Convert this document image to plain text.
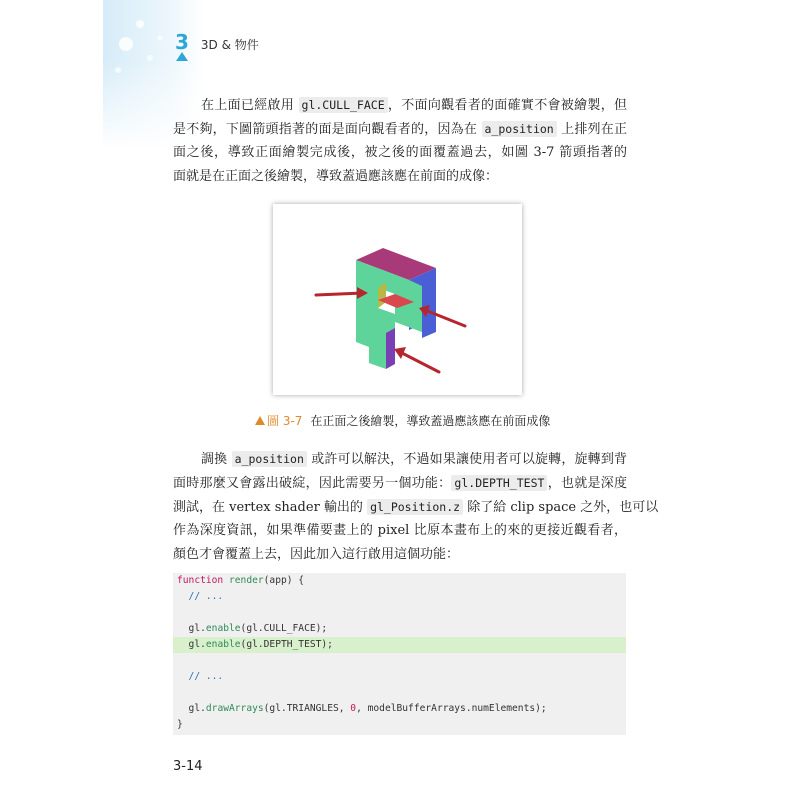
3 3D & 物件
在上面已經啟用 gl.CULL_FACE ，不面向觀看者的面確實不會被繪製，但
是不夠，下圖箭頭指著的面是面向觀看者的，因為在 a_position 上排列在正
面之後，導致正面繪製完成後，被之後的面覆蓋過去，如圖 3-7 箭頭指著的
面就是在正面之後繪製，導致蓋過應該應在前面的成像：
圖 3-7 在正面之後繪製，導致蓋過應該應在前面成像
調換 a_position 或許可以解決，不過如果讓使用者可以旋轉，旋轉到背
面時那麼又會露出破綻，因此需要另一個功能： gl.DEPTH_TEST ，也就是深度
測試，在 vertex shader 輸出的 gl_Position.z 除了給 clip space 之外，也可以
作為深度資訊，如果準備要畫上的 pixel 比原本畫布上的來的更接近觀看者，
顏色才會覆蓋上去，因此加入這行啟用這個功能：
function render(app) {
// ...

gl.enable(gl.CULL_FACE);
gl.enable(gl.DEPTH_TEST);

// ...

gl.drawArrays(gl.TRIANGLES, 0, modelBufferArrays.numElements);
}
3-14
